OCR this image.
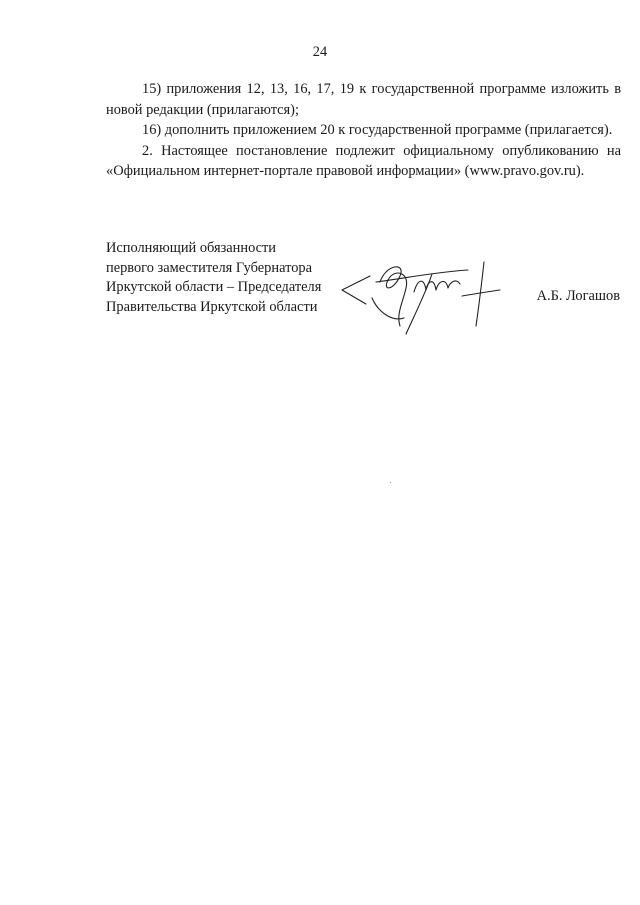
24

15) приложения 12, 13, 16, 17, 19 к государственной программе изложить в новой редакции (прилагаются);

16) дополнить приложением 20 к государственной программе (прилагается).

2. Настоящее постановление подлежит официальному опубликованию на «Официальном интернет-портале правовой информации» (www.pravo.gov.ru).

Исполняющий обязанности
первого заместителя Губернатора
Иркутской области – Председателя
Правительства Иркутской области
А.Б. Логашов
